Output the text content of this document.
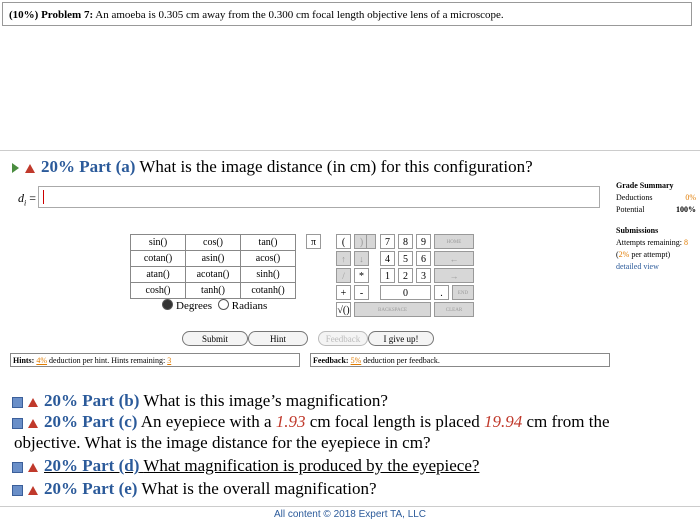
(10%) Problem 7: An amoeba is 0.305 cm away from the 0.300 cm focal length objective lens of a microscope.
20% Part (a) What is the image distance (in cm) for this configuration?
$d_i$ =
Grade Summary
Deductions	0%
Potential	100%
Submissions
Attempts remaining: 8
(2% per attempt)
detailed view
sin()	cos()	tan()
cotan()	asin()	acos()
atan()	acotan()	sinh()
cosh()	tanh()	cotanh()
Degrees Radians
π	(	)	7	8	9	HOME
↑	↓	4	5	6	←
/	*	1	2	3	→
+	-	0	.	END
√()	BACKSPACE	CLEAR
Submit	Hint	Feedback	I give up!
Hints: 4% deduction per hint. Hints remaining: 3	Feedback: 5% deduction per feedback.
20% Part (b) What is this image’s magnification?
20% Part (c) An eyepiece with a 1.93 cm focal length is placed 19.94 cm from the
objective. What is the image distance for the eyepiece in cm?
20% Part (d) What magnification is produced by the eyepiece?
20% Part (e) What is the overall magnification?
All content © 2018 Expert TA, LLC
